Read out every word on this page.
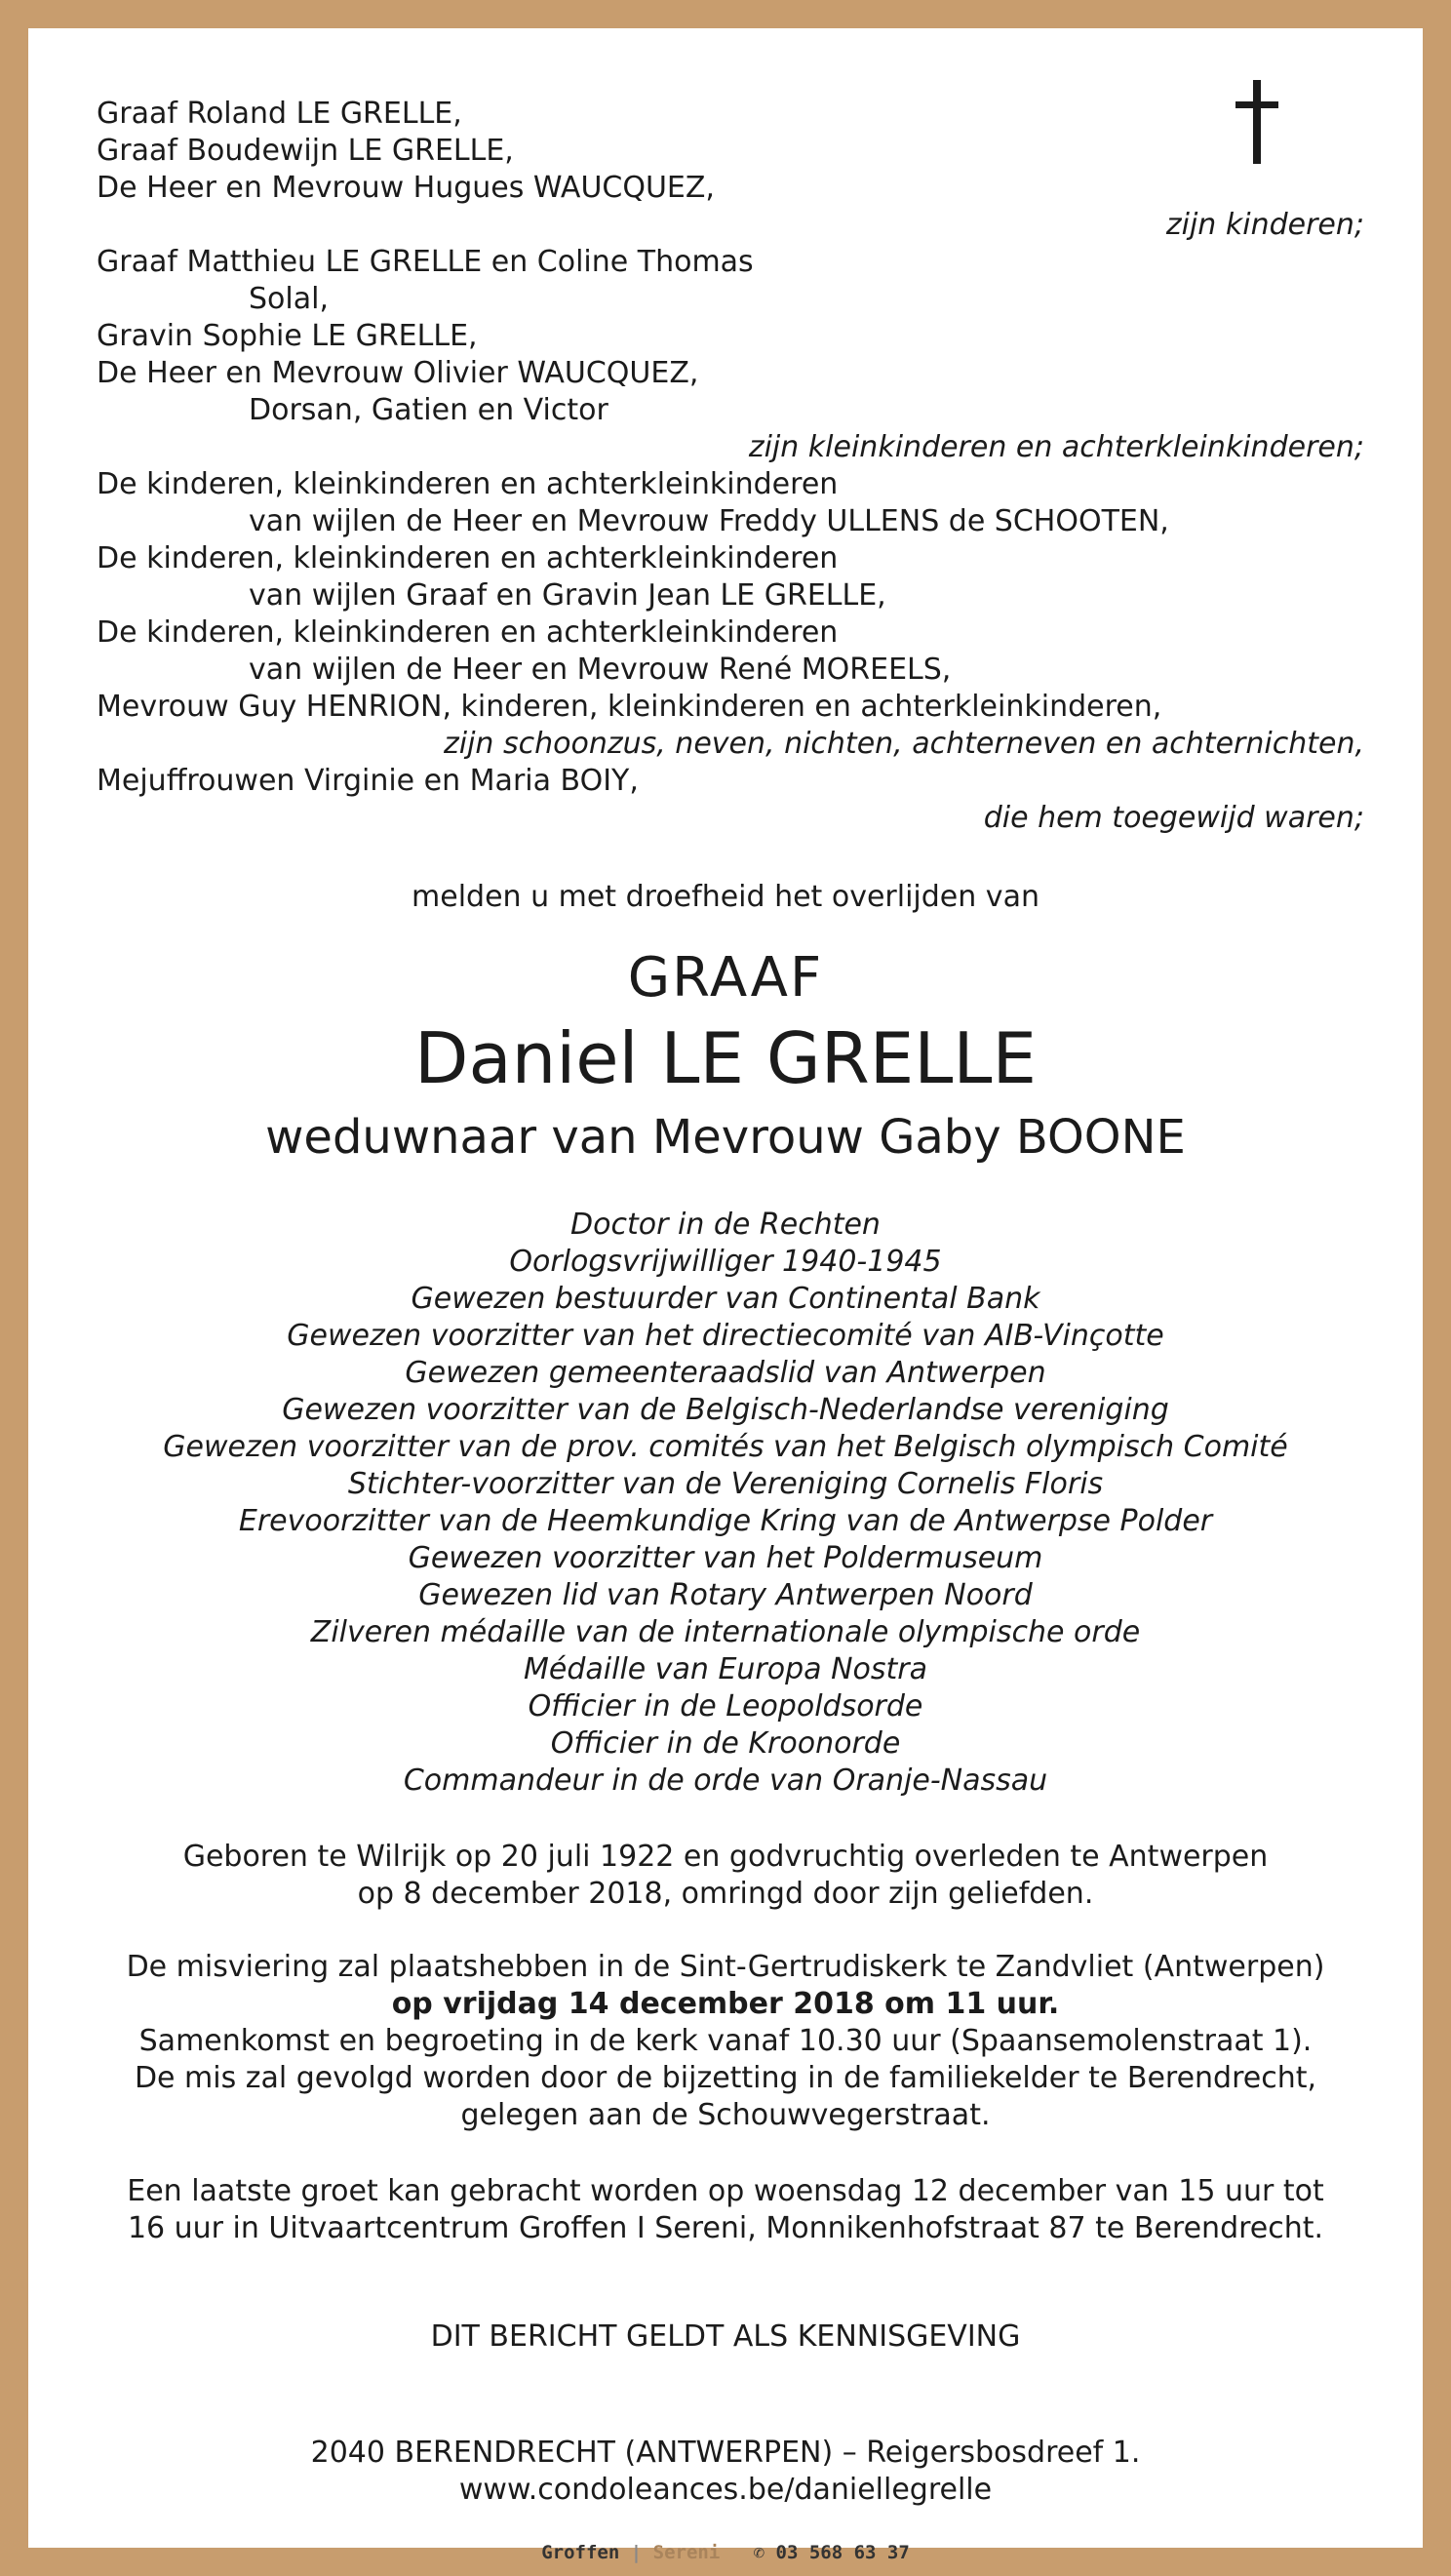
Graaf Roland LE GRELLE,
Graaf Boudewijn LE GRELLE,
De Heer en Mevrouw Hugues WAUCQUEZ,
zijn kinderen;
Graaf Matthieu LE GRELLE en Coline Thomas
Solal,
Gravin Sophie LE GRELLE,
De Heer en Mevrouw Olivier WAUCQUEZ,
Dorsan, Gatien en Victor
zijn kleinkinderen en achterkleinkinderen;
De kinderen, kleinkinderen en achterkleinkinderen
van wijlen de Heer en Mevrouw Freddy ULLENS de SCHOOTEN,
De kinderen, kleinkinderen en achterkleinkinderen
van wijlen Graaf en Gravin Jean LE GRELLE,
De kinderen, kleinkinderen en achterkleinkinderen
van wijlen de Heer en Mevrouw René MOREELS,
Mevrouw Guy HENRION, kinderen, kleinkinderen en achterkleinkinderen,
zijn schoonzus, neven, nichten, achterneven en achternichten,
Mejuffrouwen Virginie en Maria BOIY,
die hem toegewijd waren;
melden u met droefheid het overlijden van
GRAAF
Daniel LE GRELLE
weduwnaar van Mevrouw Gaby BOONE
Doctor in de Rechten
Oorlogsvrijwilliger 1940-1945
Gewezen bestuurder van Continental Bank
Gewezen voorzitter van het directiecomité van AIB-Vinçotte
Gewezen gemeenteraadslid van Antwerpen
Gewezen voorzitter van de Belgisch-Nederlandse vereniging
Gewezen voorzitter van de prov. comités van het Belgisch olympisch Comité
Stichter-voorzitter van de Vereniging Cornelis Floris
Erevoorzitter van de Heemkundige Kring van de Antwerpse Polder
Gewezen voorzitter van het Poldermuseum
Gewezen lid van Rotary Antwerpen Noord
Zilveren médaille van de internationale olympische orde
Médaille van Europa Nostra
Officier in de Leopoldsorde
Officier in de Kroonorde
Commandeur in de orde van Oranje-Nassau
Geboren te Wilrijk op 20 juli 1922 en godvruchtig overleden te Antwerpen
op 8 december 2018, omringd door zijn geliefden.
De misviering zal plaatshebben in de Sint-Gertrudiskerk te Zandvliet (Antwerpen)
op vrijdag 14 december 2018 om 11 uur.
Samenkomst en begroeting in de kerk vanaf 10.30 uur (Spaansemolenstraat 1).
De mis zal gevolgd worden door de bijzetting in de familiekelder te Berendrecht,
gelegen aan de Schouwvegerstraat.
Een laatste groet kan gebracht worden op woensdag 12 december van 15 uur tot
16 uur in Uitvaartcentrum Groffen I Sereni, Monnikenhofstraat 87 te Berendrecht.
DIT BERICHT GELDT ALS KENNISGEVING
2040 BERENDRECHT (ANTWERPEN) – Reigersbosdreef 1.
www.condoleances.be/daniellegrelle
Groffen | Sereni ✆ 03 568 63 37
